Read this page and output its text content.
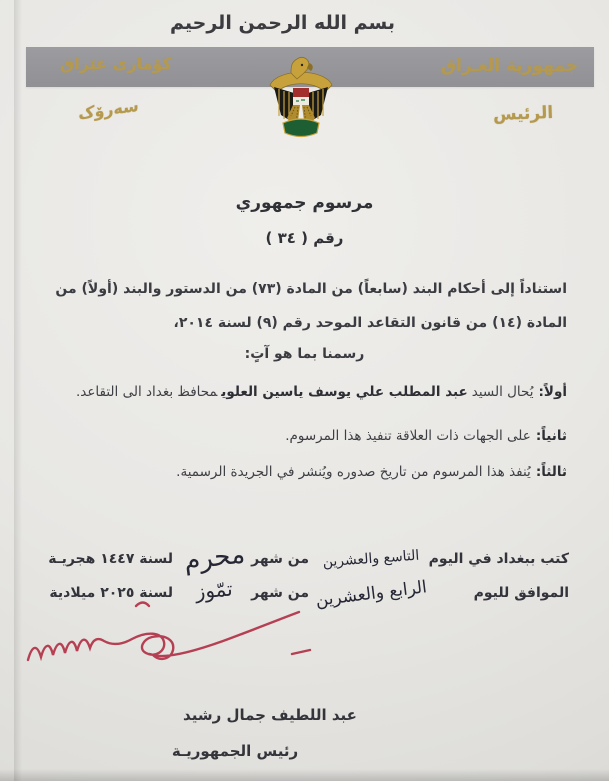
بسم الله الرحمن الرحيم
جمهورية العـراق
كۆماری عێراق
الرئيس
سەرۆک
مرسوم جمهوري
رقم ( ٣٤ )
استناداً إلى أحكام البند (سابعاً) من المادة (٧٣) من الدستور والبند (أولاً) من
المادة (١٤) من قانون التقاعد الموحد رقم (٩) لسنة ٢٠١٤،
رسمنا بما هو آتٍ:
أولاً:يُحال السيدعبد المطلب علي يوسف ياسين العلويمحافظ بغداد الى التقاعد.
ثانياً:على الجهات ذات العلاقة تنفيذ هذا المرسوم.
ثالثاً:يُنفذ هذا المرسوم من تاريخ صدوره ويُنشر في الجريدة الرسمية.
كتب ببغداد في اليوم
التاسع والعشرين
من شهر
محرم
لسنة ١٤٤٧ هجريـة
الموافق لليوم
الرابع والعشرين
من شهر
تمّوز
لسنة ٢٠٢٥ ميلادية
عبد اللطيف جمال رشيد
رئيس الجمهوريـة
